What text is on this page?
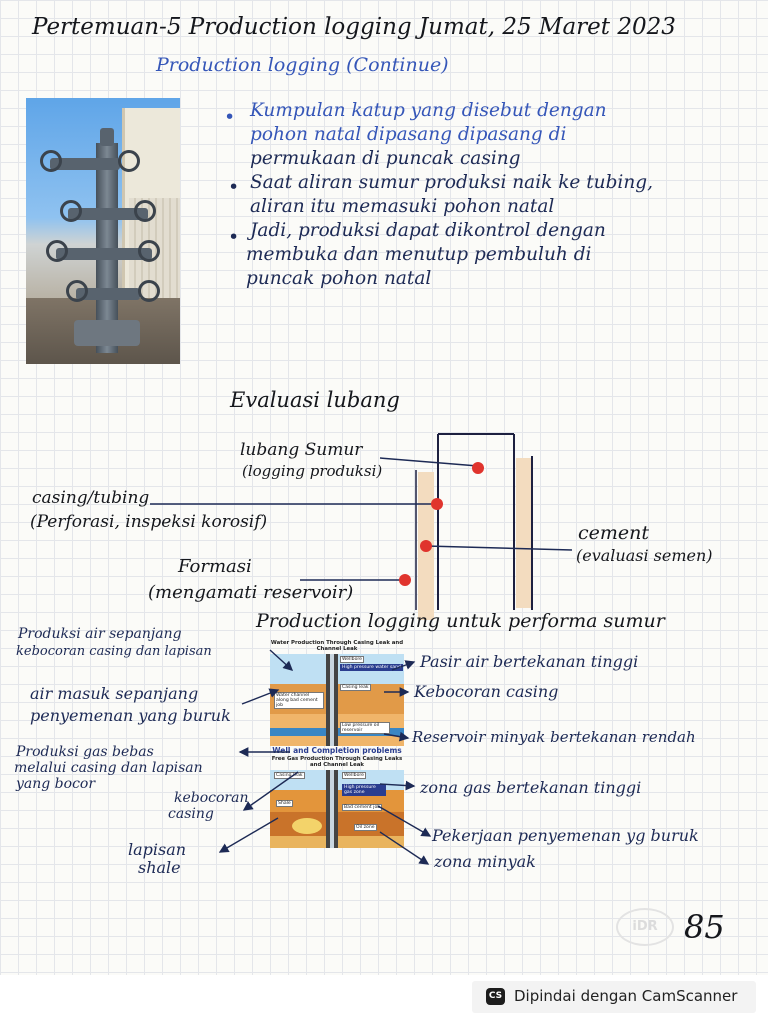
Pertemuan-5 Production logging Jumat, 25 Maret 2023
Production logging (Continue)
• Kumpulan katup yang disebut dengan
pohon natal dipasang dipasang di
permukaan di puncak casing
• Saat aliran sumur produksi naik ke tubing,
aliran itu memasuki pohon natal
• Jadi, produksi dapat dikontrol dengan
membuka dan menutup pembuluh di
puncak pohon natal
Evaluasi lubang
lubang Sumur
(logging produksi)
casing/tubing
(Perforasi, inspeksi korosif)	cement
(evaluasi semen)
Formasi
(mengamati reservoir)
Production logging untuk performa sumur
Water Production Through Casing Leak and Channel Leak
Wellbore
High pressure water sand
Casing leak
Water channel along bad cement job
Low pressure oil reservoir
Well and Completion problems
Free Gas Production Through Casing Leaks and Channel Leak
Casing leak	Wellbore
High pressure gas zone
Shale
Bad cement job
Oil zone
Produksi air sepanjang
kebocoran casing dan lapisan
air masuk sepanjang
penyemenan yang buruk
Produksi gas bebas
melalui casing dan lapisan
yang bocor
kebocoran
casing
lapisan
shale
Pasir air bertekanan tinggi
Kebocoran casing
Reservoir minyak bertekanan rendah
zona gas bertekanan tinggi
Pekerjaan penyemenan yg buruk
zona minyak
iDR 85
CS Dipindai dengan CamScanner
